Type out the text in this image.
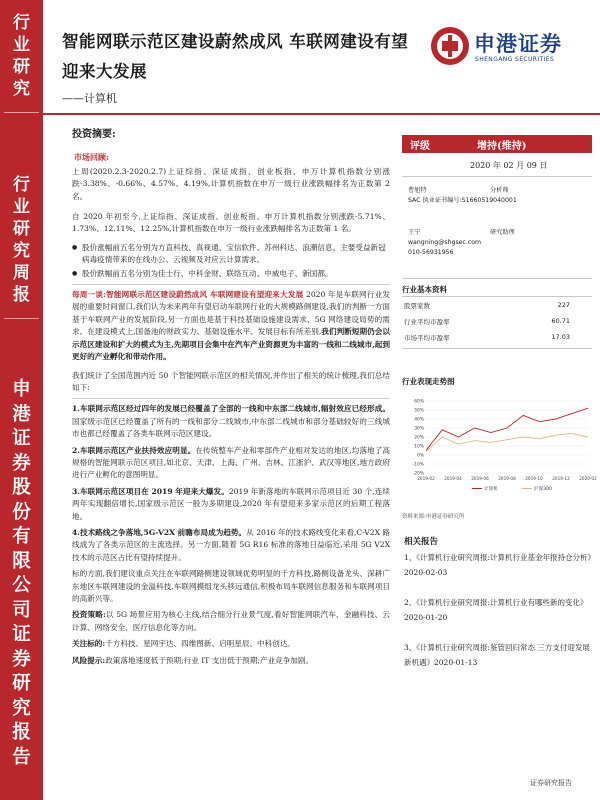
行
业
研
究
行
业
研
究
周
报
申
港
证
券
股
份
有
限
公
司
证
券
研
究
报
告
智能网联示范区建设蔚然成风 车联网建设有望迎来大发展
——计算机
申港证券
SHENGANG SECURITIES
投资摘要:
市场回顾:
上周(2020.2.3-2020.2.7)上证综指、深证成指、创业板指、申万计算机指数分别涨跌-3.38%、-0.66%、4.57%、4.19%,计算机指数在申万一级行业涨跌幅排名为正数第 2 名。
自 2020 年初至今,上证综指、深证成指、创业板指、申万计算机指数分别涨跌-5.71%、1.73%、12.11%、12.25%,计算机指数在申万一级行业涨跌幅排名为正数第 1 名。
● 股价涨幅前五名分别为方直科技、真视通、宝信软件、苏州科达、浪潮信息。主要受益新冠病毒疫情带来的在线办公、云视频及对应云计算需求。
● 股价跌幅前五名分别为佳士行、中科金财、联络互动、中威电子、新国都。
每周一谈:智能网联示范区建设蔚然成风 车联网建设有望迎来大发展 2020 年是车联网行业发展的重要时间窗口,我们认为未来两年有望启动车联网行业的大规模路侧建设,我们的判断一方面基于车联网产业的发展阶段,另一方面也是基于科技基础设施建设需求、5G 网络建设局势的需求。在建设模式上,国备池的财政实力、基础设施水平、发展目标有所差别,我们判断短期仍会以示范区建设和扩大的模式为主,先期项目会集中在汽车产业资源更为丰富的一线和二线城市,起到更好的产业孵化和带动作用。
我们统计了全国范围内近 50 个智能网联示范区的相关情况,并作出了相关的统计梳理,我们总结如下:
1.车联网示范区经过四年的发展已经覆盖了全部的一线和中东部二线城市,辐射效应已经形成。国家级示范区已经覆盖了所有的一线和部分二线城市,中东部二线城市和部分基础较好的三线城市也都已经覆盖了各类车联网示范区建设。
2.车联网示范区产业扶持效应明显。在传统整车产业和零部件产业相对发达的地区,均落地了高规格的智能网联示范区项目,如北京、天津、上海、广州、吉林、江浙沪、武汉等地区,地方政府进行产业孵化的意图明显。
3.车联网示范区项目在 2019 年迎来大爆发。2019 年新落地的车联网示范项目近 30 个,连续两年实现翻倍增长,国家级示范区一般为多期建设,2020 年有望迎来多家示范区的后期工程落地。
4.技术路线之争落地,5G-V2X 前瞻布局成为趋势。从 2016 年的技术路线变化来看,C-V2X 路线成为了各类示范区的主流选择。另一方面,随着 5G R16 标准的落地日益临近,采用 5G V2X 技术的示范区占比有望持续提升。
标的方面,我们建议重点关注在车联网路侧建设领域优势明显的千方科技,路侧设备龙头、深耕广东地区车联网建设的金溢科技,车联网模组龙头移远通信,积极布局车联网信息服务和车联网项目的高新兴等。
投资策略:以 5G 场景应用为核心主线,结合细分行业景气度,看好智能网联汽车、金融科技、云计算、网络安全、医疗信息化等方向。
关注标的:千方科技、星网宇达、四维图新、启明星辰、中科创达。
风险提示:政策落地速度低于预期;行业 IT 支出低于预期;产业竞争加剧。
评级	增持(维持)
2020 年 02 月 09 日
曹旭特	分析师

SAC 执业证书编号:S1660519040001
王宁	研究助理

wangning@shgsec.com
010-56931956
行业基本资料
股票家数	227
行业平均市盈率	60.71
市场平均市盈率	17.03
行业表现走势图
60%
50%
40%
30%
20%
10%
0%
-10%
-20%
2019-02 2019-04 2019-06 2019-08 2019-10 2019-12 2020-02
计算机	沪深300
资料来源:申港证券研究所
相关报告
1、《计算机行业研究周报:计算机行业基金年报持仓分析》2020-02-03
2、《计算机行业研究周报:计算机行业有哪些新的变化》2020-01-20
3、《计算机行业研究周报:鉴管回归常态 三方支付迎发展新机遇》2020-01-13
证券研究报告
